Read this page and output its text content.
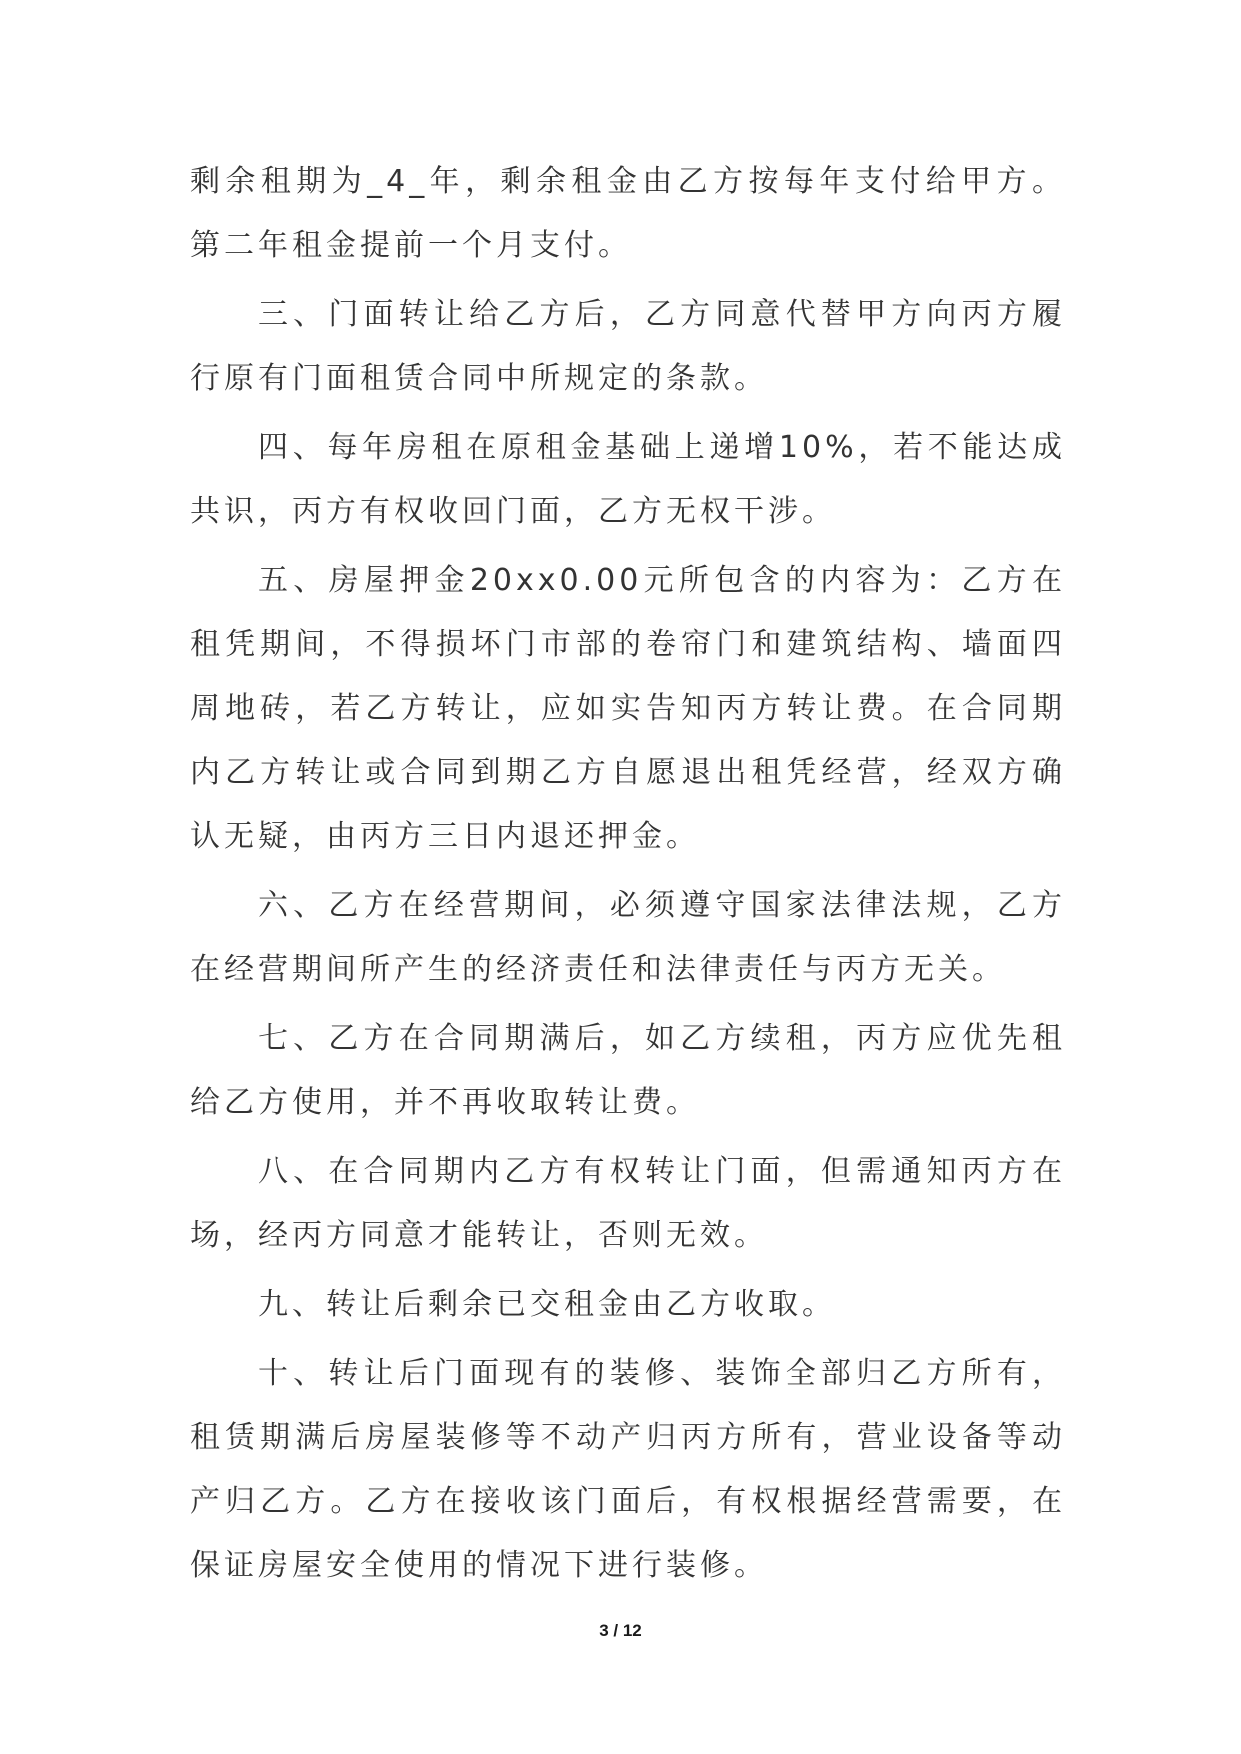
剩余租期为_4_年，剩余租金由乙方按每年支付给甲方。第二年租金提前一个月支付。

三、门面转让给乙方后，乙方同意代替甲方向丙方履行原有门面租赁合同中所规定的条款。

四、每年房租在原租金基础上递增10%，若不能达成共识，丙方有权收回门面，乙方无权干涉。

五、房屋押金20xx0.00元所包含的内容为：乙方在租凭期间，不得损坏门市部的卷帘门和建筑结构、墙面四周地砖，若乙方转让，应如实告知丙方转让费。在合同期内乙方转让或合同到期乙方自愿退出租凭经营，经双方确认无疑，由丙方三日内退还押金。

六、乙方在经营期间，必须遵守国家法律法规，乙方在经营期间所产生的经济责任和法律责任与丙方无关。

七、乙方在合同期满后，如乙方续租，丙方应优先租给乙方使用，并不再收取转让费。

八、在合同期内乙方有权转让门面，但需通知丙方在场，经丙方同意才能转让，否则无效。

九、转让后剩余已交租金由乙方收取。

十、转让后门面现有的装修、装饰全部归乙方所有，租赁期满后房屋装修等不动产归丙方所有，营业设备等动产归乙方。乙方在接收该门面后，有权根据经营需要，在保证房屋安全使用的情况下进行装修。

3 / 12
